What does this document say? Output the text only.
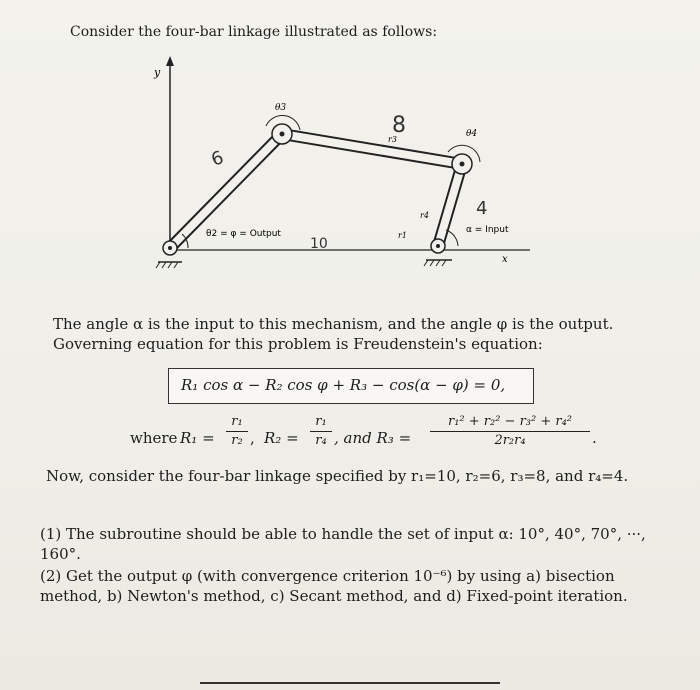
Consider the four-bar linkage illustrated as follows:
y
x
θ3
θ4
r3
r4
r1
θ2 = φ = Output	α = Input
6
8
4
10
The angle α is the input to this mechanism, and the angle φ is the output. Governing equation for this problem is Freudenstein's equation:
R₁ cos α − R₂ cos φ + R₃ − cos(α − φ) = 0,
where R₁ =
r₁
r₂ , R₂ =
r₁
r₄ , and R₃ =
r₁² + r₂² − r₃² + r₄²
2r₂r₄	.
Now, consider the four-bar linkage specified by r₁=10, r₂=6, r₃=8, and r₄=4.
(1) The subroutine should be able to handle the set of input α: 10°, 40°, 70°, ···, 160°.
(2) Get the output φ (with convergence criterion 10⁻⁶) by using a) bisection method, b) Newton's method, c) Secant method, and d) Fixed-point iteration.
